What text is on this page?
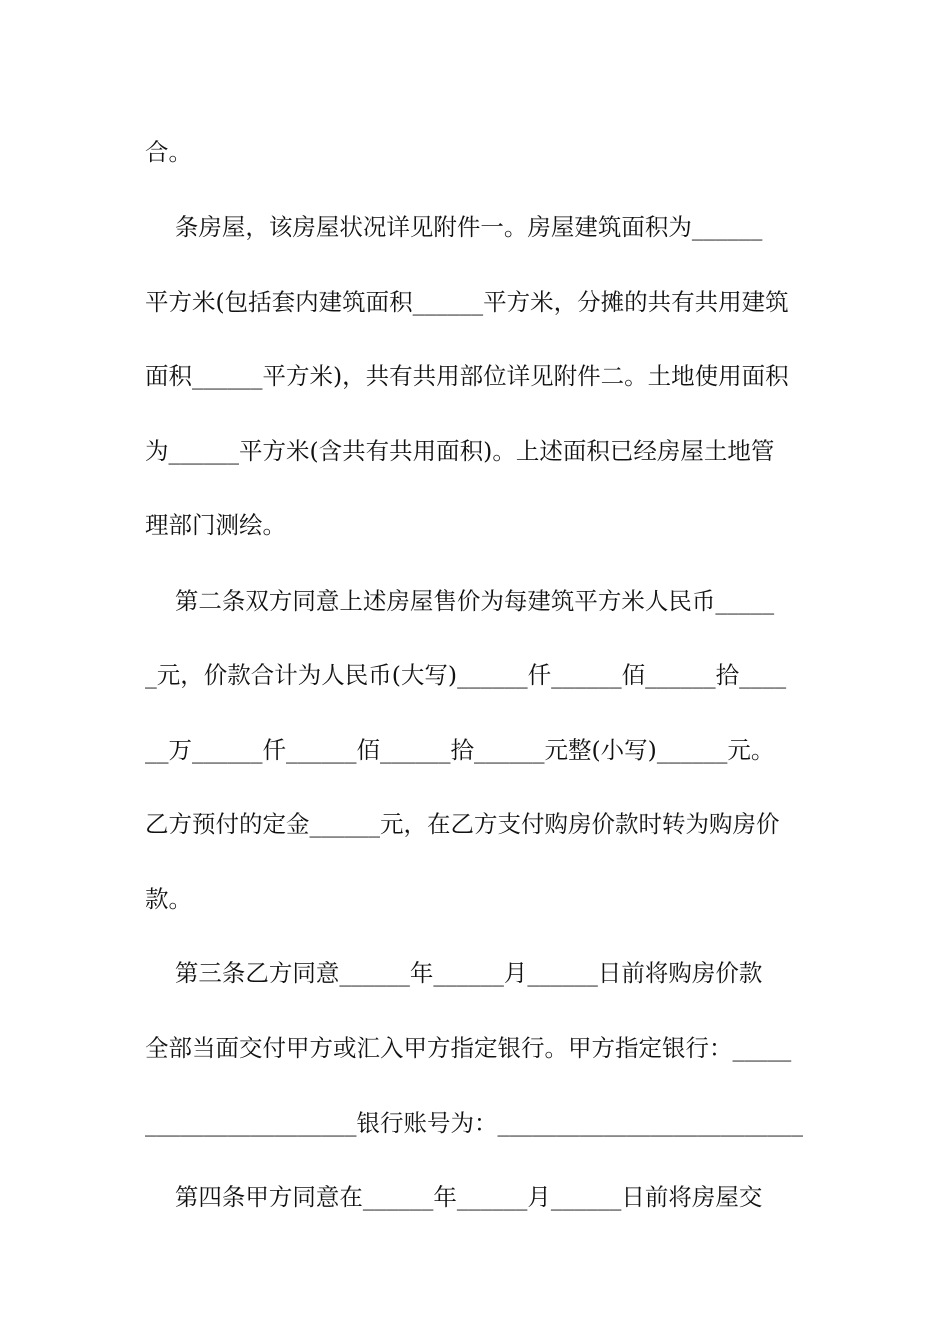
合。
条房屋，该房屋状况详见附件一。房屋建筑面积为______
平方米(包括套内建筑面积______平方米，分摊的共有共用建筑
面积______平方米)，共有共用部位详见附件二。土地使用面积
为______平方米(含共有共用面积)。上述面积已经房屋土地管
理部门测绘。
第二条双方同意上述房屋售价为每建筑平方米人民币_____
_元，价款合计为人民币(大写)______仟______佰______拾____
__万______仟______佰______拾______元整(小写)______元。
乙方预付的定金______元，在乙方支付购房价款时转为购房价
款。
第三条乙方同意______年______月______日前将购房价款
全部当面交付甲方或汇入甲方指定银行。甲方指定银行：_____
__________________银行账号为：__________________________
第四条甲方同意在______年______月______日前将房屋交
